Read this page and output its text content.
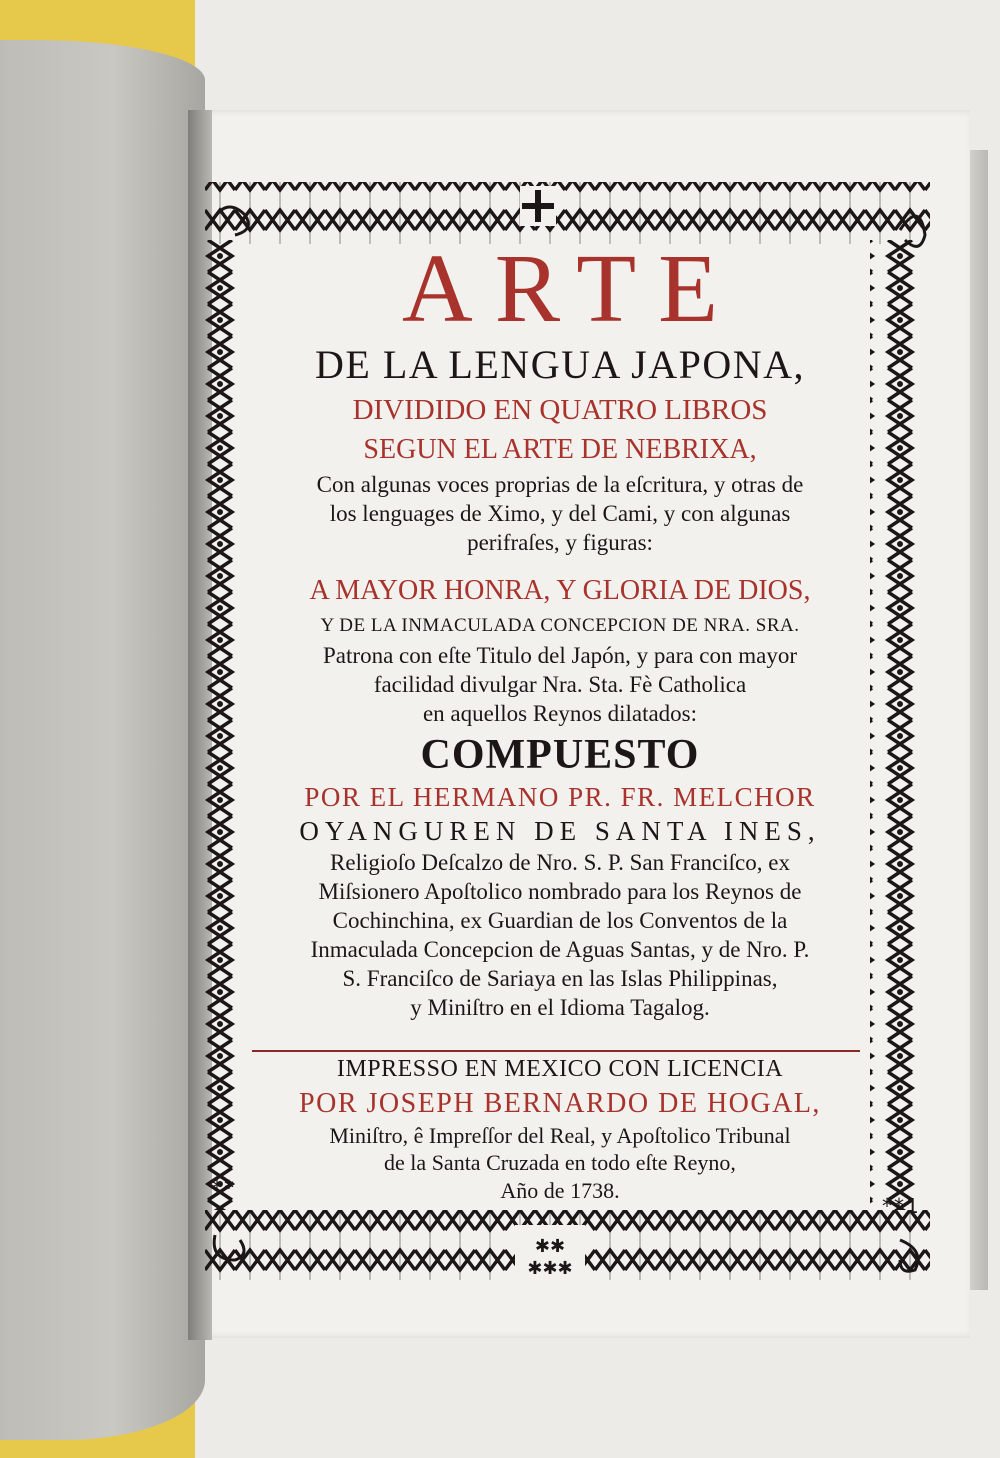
✱✱
✱✱✱
ARTE
DE LA LENGUA JAPONA,
DIVIDIDO EN QUATRO LIBROS
SEGUN EL ARTE DE NEBRIXA,
Con algunas voces proprias de la eſcritura, y otras de
los lenguages de Ximo, y del Cami, y con algunas
perifraſes, y figuras:
A MAYOR HONRA, Y GLORIA DE DIOS,
Y DE LA INMACULADA CONCEPCION DE NRA. SRA.
Patrona con eſte Titulo del Japón, y para con mayor
facilidad divulgar Nra. Sta. Fè Catholica
en aquellos Reynos dilatados:
COMPUESTO
POR EL HERMANO PR. FR. MELCHOR
OYANGUREN DE SANTA INES,
Religioſo Deſcalzo de Nro. S. P. San Franciſco, ex
Miſsionero Apoſtolico nombrado para los Reynos de
Cochinchina, ex Guardian de los Conventos de la
Inmaculada Concepcion de Aguas Santas, y de Nro. P.
S. Franciſco de Sariaya en las Islas Philippinas,
y Miniſtro en el Idioma Tagalog.
IMPRESSO EN MEXICO CON LICENCIA
POR JOSEPH BERNARDO DE HOGAL,
Miniſtro, ê Impreſſor del Real, y Apoſtolico Tribunal
de la Santa Cruzada en todo eſte Reyno,
Año de 1738.
**
**1
